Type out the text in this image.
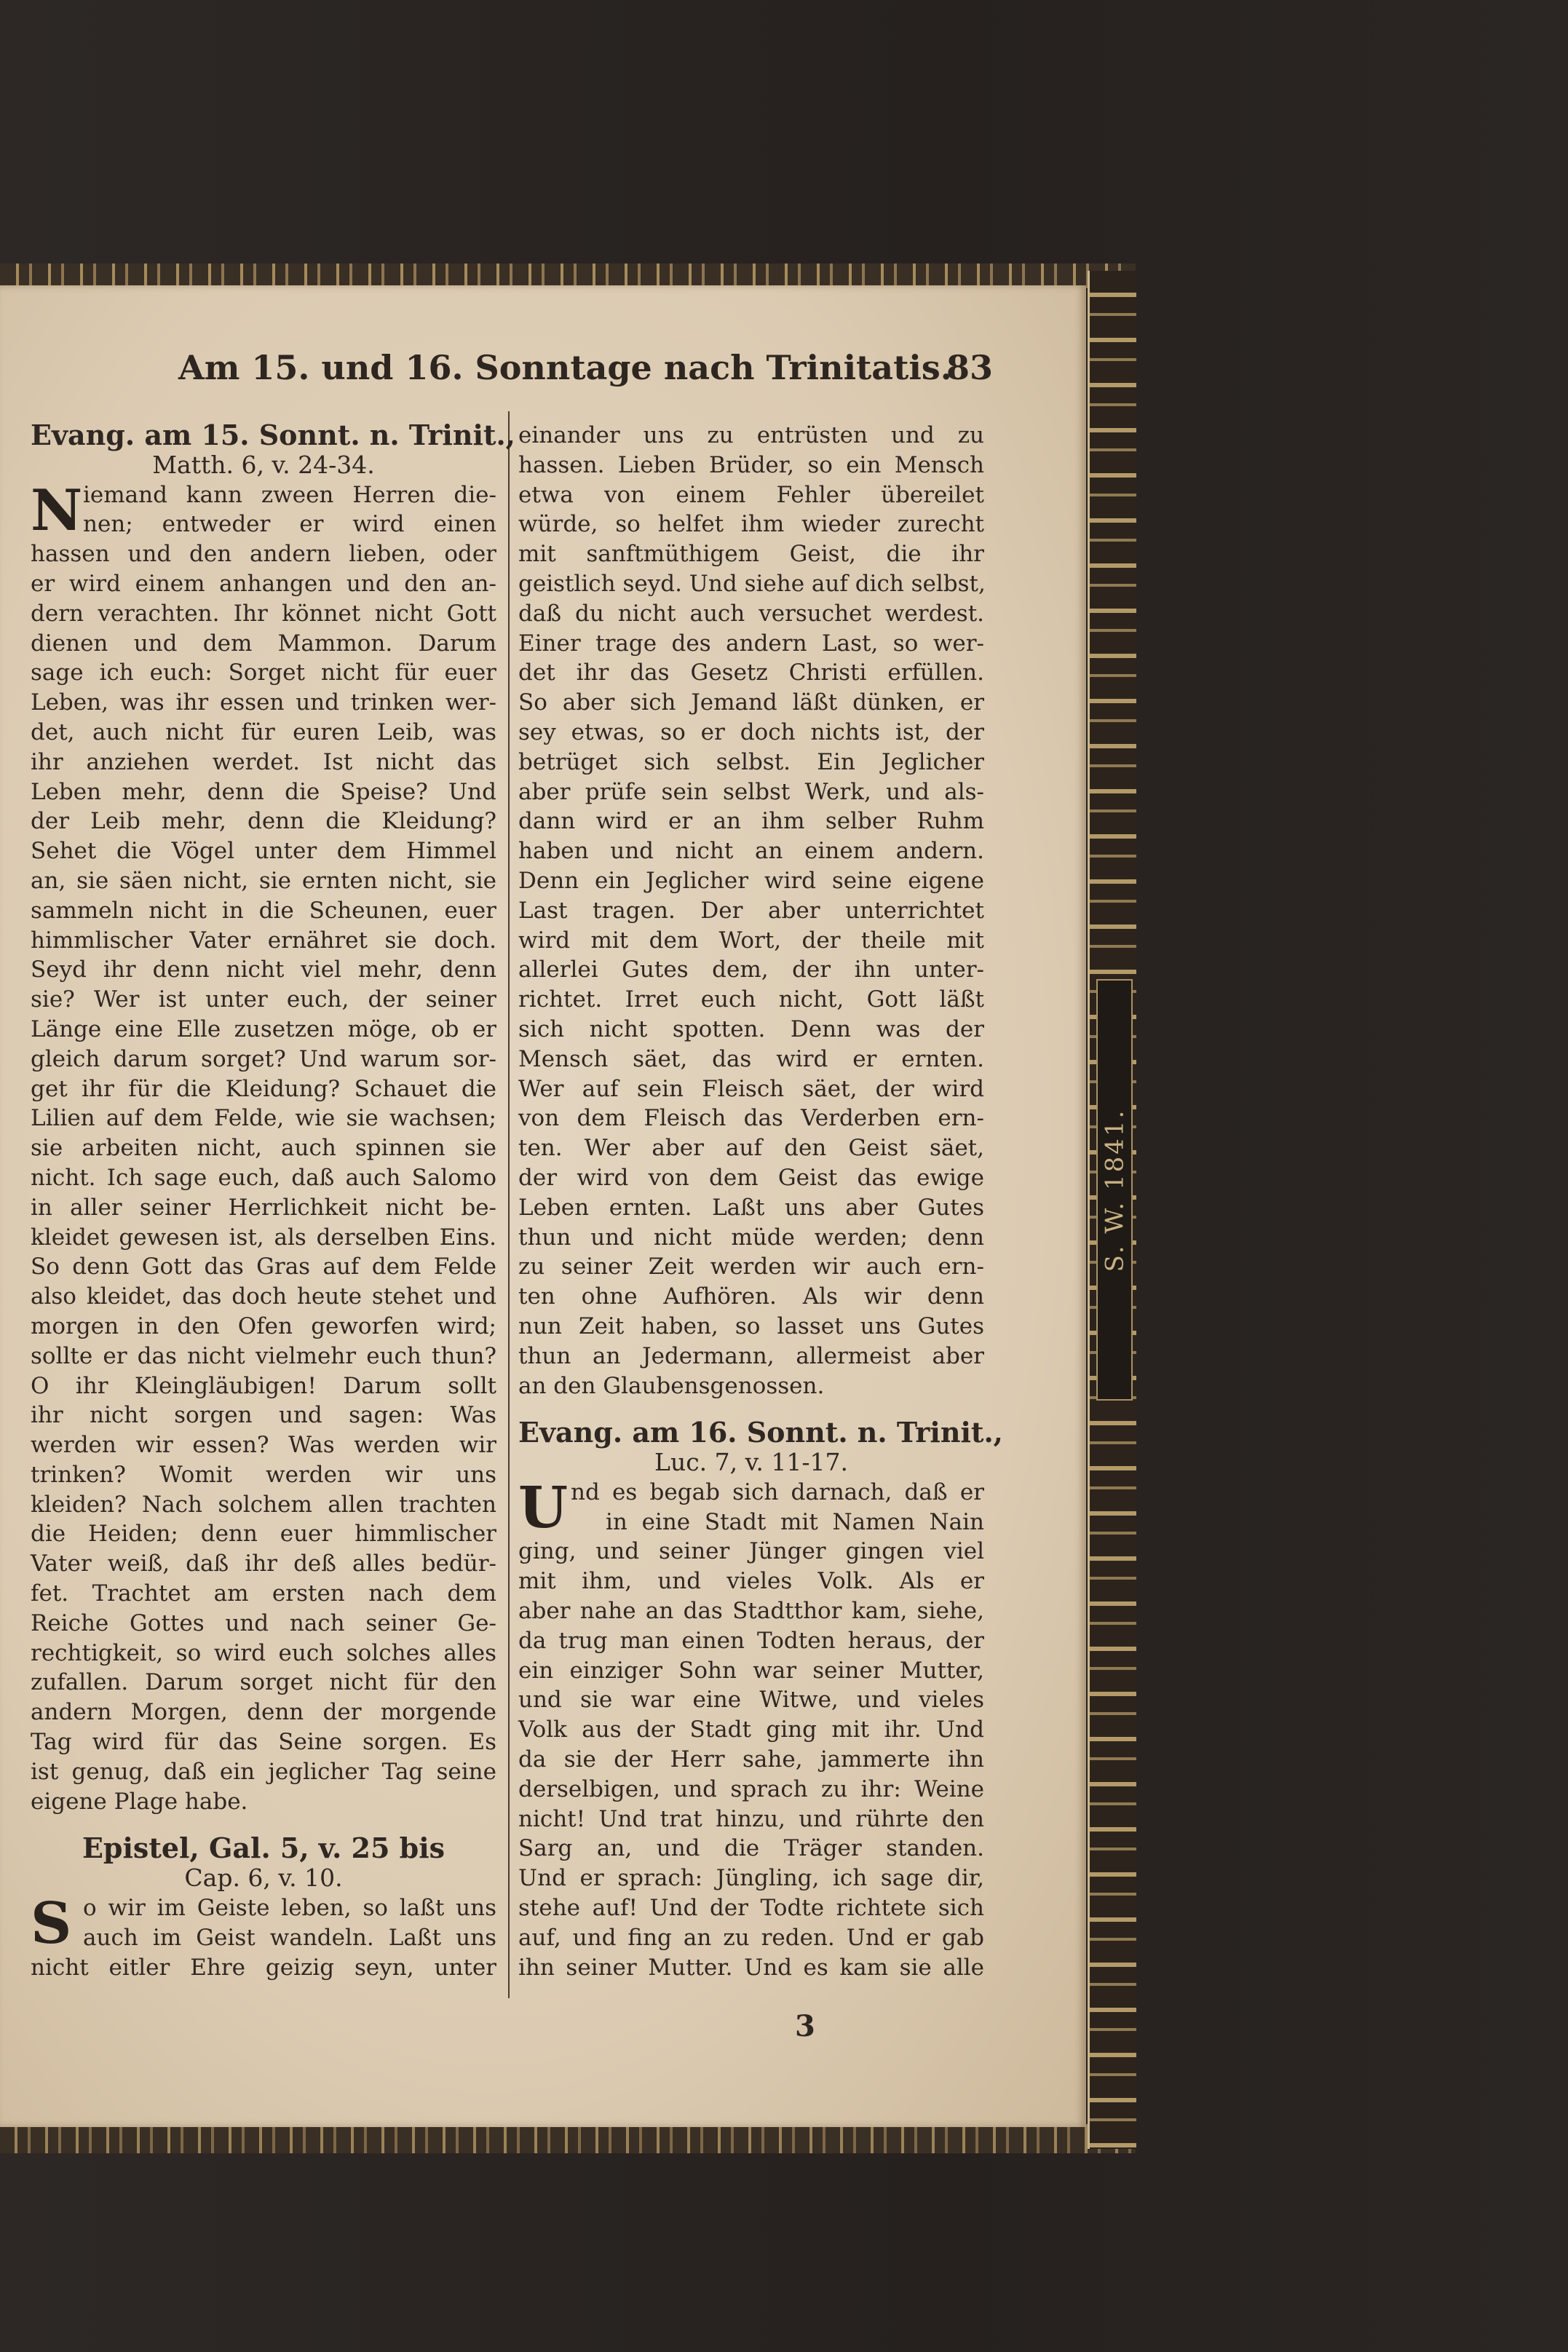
S. W. 1841.
Am 15. und 16. Sonntage nach Trinitatis.
83
Evang. am 15. Sonnt. n. Trinit.,
Matth. 6, v. 24-34.
N iemand kann zween Herren die-
nen; entweder er wird einen
hassen und den andern lieben, oder
er wird einem anhangen und den an-
dern verachten. Ihr könnet nicht Gott
dienen und dem Mammon. Darum
sage ich euch: Sorget nicht für euer
Leben, was ihr essen und trinken wer-
det, auch nicht für euren Leib, was
ihr anziehen werdet. Ist nicht das
Leben mehr, denn die Speise? Und
der Leib mehr, denn die Kleidung?
Sehet die Vögel unter dem Himmel
an, sie säen nicht, sie ernten nicht, sie
sammeln nicht in die Scheunen, euer
himmlischer Vater ernähret sie doch.
Seyd ihr denn nicht viel mehr, denn
sie? Wer ist unter euch, der seiner
Länge eine Elle zusetzen möge, ob er
gleich darum sorget? Und warum sor-
get ihr für die Kleidung? Schauet die
Lilien auf dem Felde, wie sie wachsen;
sie arbeiten nicht, auch spinnen sie
nicht. Ich sage euch, daß auch Salomo
in aller seiner Herrlichkeit nicht be-
kleidet gewesen ist, als derselben Eins.
So denn Gott das Gras auf dem Felde
also kleidet, das doch heute stehet und
morgen in den Ofen geworfen wird;
sollte er das nicht vielmehr euch thun?
O ihr Kleingläubigen! Darum sollt
ihr nicht sorgen und sagen: Was
werden wir essen? Was werden wir
trinken? Womit werden wir uns
kleiden? Nach solchem allen trachten
die Heiden; denn euer himmlischer
Vater weiß, daß ihr deß alles bedür-
fet. Trachtet am ersten nach dem
Reiche Gottes und nach seiner Ge-
rechtigkeit, so wird euch solches alles
zufallen. Darum sorget nicht für den
andern Morgen, denn der morgende
Tag wird für das Seine sorgen. Es
ist genug, daß ein jeglicher Tag seine
eigene Plage habe.
Epistel, Gal. 5, v. 25 bis
Cap. 6, v. 10.
S o wir im Geiste leben, so laßt uns
auch im Geist wandeln. Laßt uns
nicht eitler Ehre geizig seyn, unter
einander uns zu entrüsten und zu
hassen. Lieben Brüder, so ein Mensch
etwa von einem Fehler übereilet
würde, so helfet ihm wieder zurecht
mit sanftmüthigem Geist, die ihr
geistlich seyd. Und siehe auf dich selbst,
daß du nicht auch versuchet werdest.
Einer trage des andern Last, so wer-
det ihr das Gesetz Christi erfüllen.
So aber sich Jemand läßt dünken, er
sey etwas, so er doch nichts ist, der
betrüget sich selbst. Ein Jeglicher
aber prüfe sein selbst Werk, und als-
dann wird er an ihm selber Ruhm
haben und nicht an einem andern.
Denn ein Jeglicher wird seine eigene
Last tragen. Der aber unterrichtet
wird mit dem Wort, der theile mit
allerlei Gutes dem, der ihn unter-
richtet. Irret euch nicht, Gott läßt
sich nicht spotten. Denn was der
Mensch säet, das wird er ernten.
Wer auf sein Fleisch säet, der wird
von dem Fleisch das Verderben ern-
ten. Wer aber auf den Geist säet,
der wird von dem Geist das ewige
Leben ernten. Laßt uns aber Gutes
thun und nicht müde werden; denn
zu seiner Zeit werden wir auch ern-
ten ohne Aufhören. Als wir denn
nun Zeit haben, so lasset uns Gutes
thun an Jedermann, allermeist aber
an den Glaubensgenossen.
Evang. am 16. Sonnt. n. Trinit.,
Luc. 7, v. 11-17.
U nd es begab sich darnach, daß er
in eine Stadt mit Namen Nain
ging, und seiner Jünger gingen viel
mit ihm, und vieles Volk. Als er
aber nahe an das Stadtthor kam, siehe,
da trug man einen Todten heraus, der
ein einziger Sohn war seiner Mutter,
und sie war eine Witwe, und vieles
Volk aus der Stadt ging mit ihr. Und
da sie der Herr sahe, jammerte ihn
derselbigen, und sprach zu ihr: Weine
nicht! Und trat hinzu, und rührte den
Sarg an, und die Träger standen.
Und er sprach: Jüngling, ich sage dir,
stehe auf! Und der Todte richtete sich
auf, und fing an zu reden. Und er gab
ihn seiner Mutter. Und es kam sie alle
3
